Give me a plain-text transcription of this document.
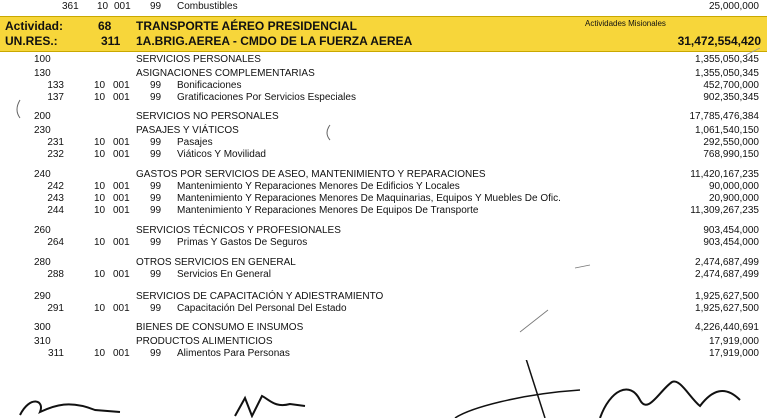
361 10 001 99 Combustibles	25,000,000
Actividad:	68 TRANSPORTE AÉREO PRESIDENCIAL	Actividades Misionales
UN.RES.:	311 1A.BRIG.AEREA - CMDO DE LA FUERZA AEREA	31,472,554,420
100	SERVICIOS PERSONALES	1,355,050,345
130	ASIGNACIONES COMPLEMENTARIAS	1,355,050,345
133	10 001 99 Bonificaciones	452,700,000
137	10 001 99 Gratificaciones Por Servicios Especiales	902,350,345
200	SERVICIOS NO PERSONALES	17,785,476,384
230	PASAJES Y VIÁTICOS	1,061,540,150
231	10 001 99 Pasajes	292,550,000
232	10 001 99 Viáticos Y Movilidad	768,990,150
240	GASTOS POR SERVICIOS DE ASEO, MANTENIMIENTO Y REPARACIONES	11,420,167,235
242	10 001 99 Mantenimiento Y Reparaciones Menores De Edificios Y Locales	90,000,000
243	10 001 99 Mantenimiento Y Reparaciones Menores De Maquinarias, Equipos Y Muebles De Ofic.	20,900,000
244	10 001 99 Mantenimiento Y Reparaciones Menores De Equipos De Transporte	11,309,267,235
260	SERVICIOS TÉCNICOS Y PROFESIONALES	903,454,000
264	10 001 99 Primas Y Gastos De Seguros	903,454,000
280	OTROS SERVICIOS EN GENERAL	2,474,687,499
288	10 001 99 Servicios En General	2,474,687,499
290	SERVICIOS DE CAPACITACIÓN Y ADIESTRAMIENTO	1,925,627,500
291	10 001 99 Capacitación Del Personal Del Estado	1,925,627,500
300	BIENES DE CONSUMO E INSUMOS	4,226,440,691
310	PRODUCTOS ALIMENTICIOS	17,919,000
311	10 001 99 Alimentos Para Personas	17,919,000
